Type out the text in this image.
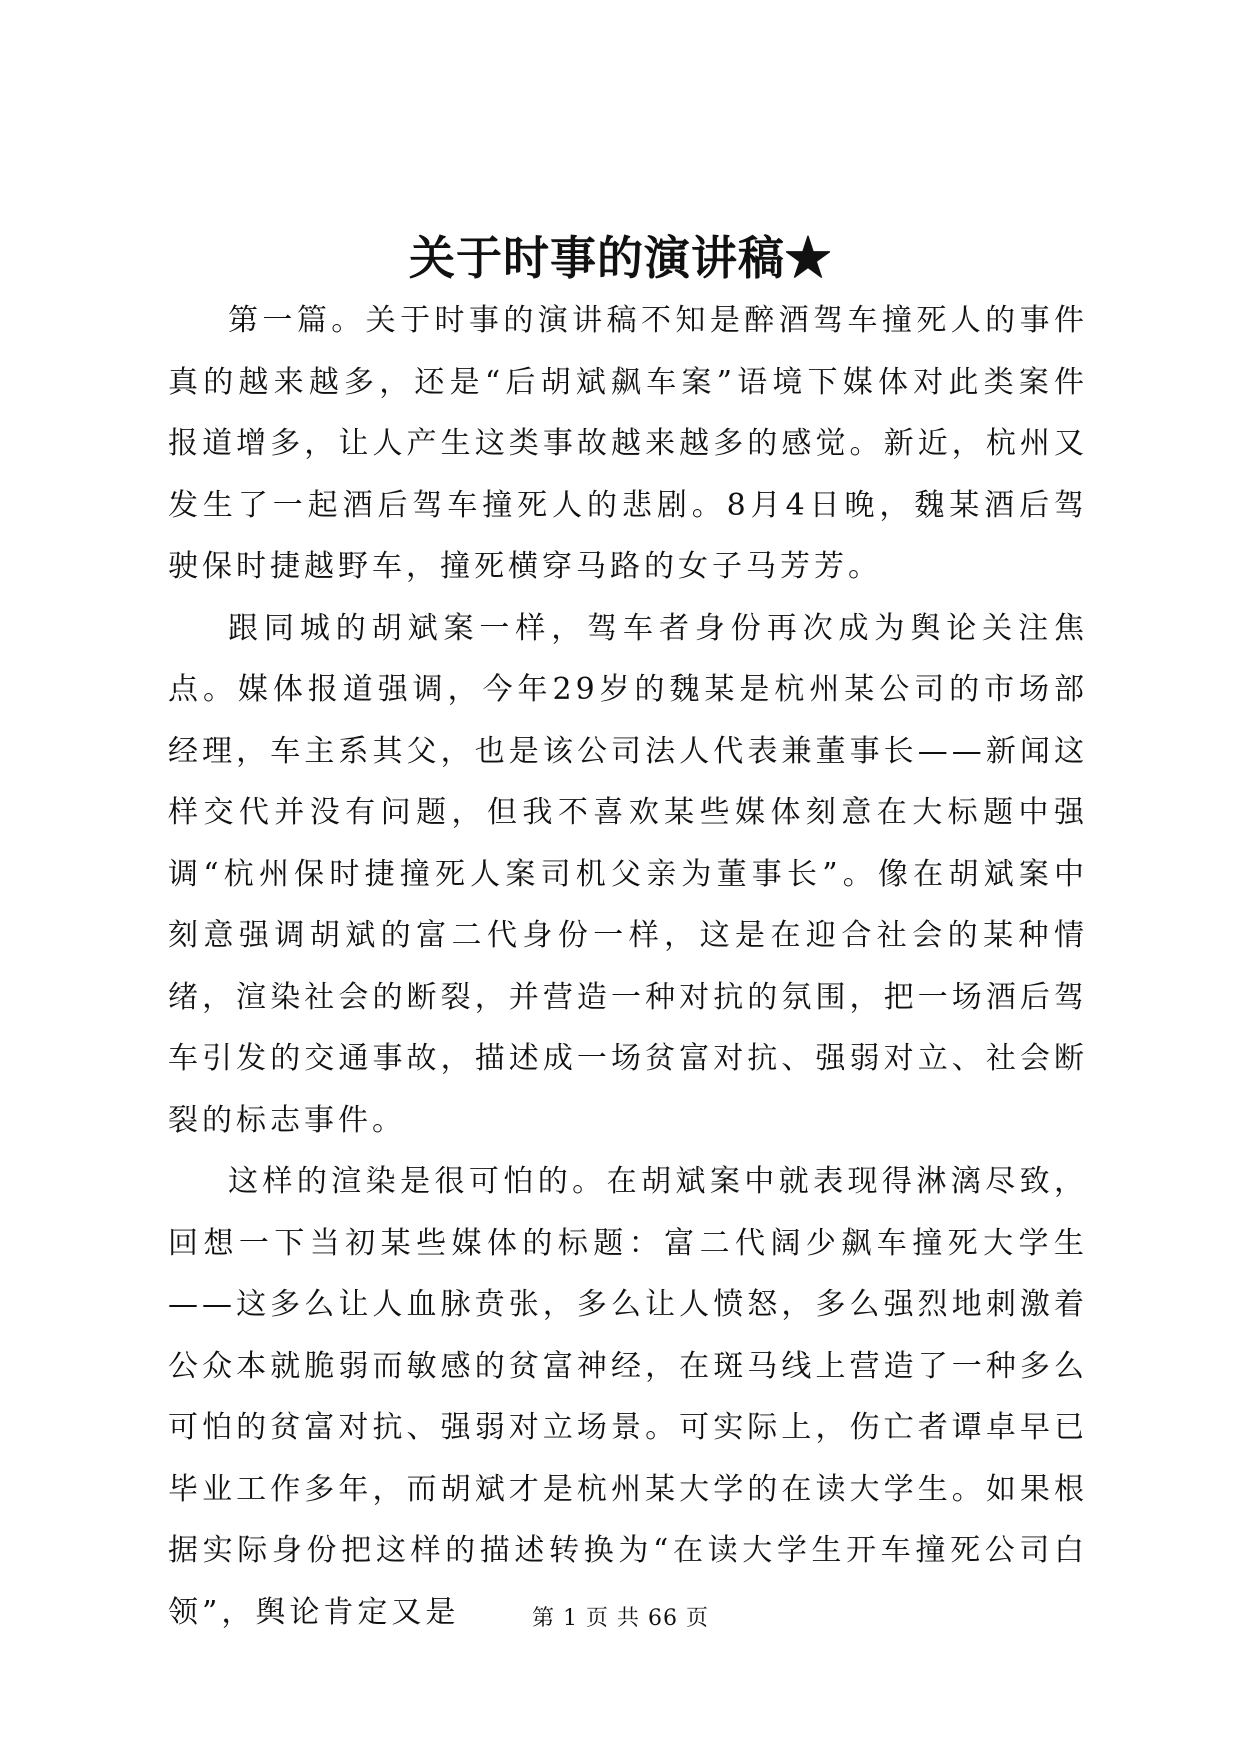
关于时事的演讲稿★

第一篇。关于时事的演讲稿不知是醉酒驾车撞死人的事件真的越来越多，还是“后胡斌飙车案”语境下媒体对此类案件报道增多，让人产生这类事故越来越多的感觉。新近，杭州又发生了一起酒后驾车撞死人的悲剧。8月4日晚，魏某酒后驾驶保时捷越野车，撞死横穿马路的女子马芳芳。

跟同城的胡斌案一样，驾车者身份再次成为舆论关注焦点。媒体报道强调，今年29岁的魏某是杭州某公司的市场部经理，车主系其父，也是该公司法人代表兼董事长——新闻这样交代并没有问题，但我不喜欢某些媒体刻意在大标题中强调“杭州保时捷撞死人案司机父亲为董事长”。像在胡斌案中刻意强调胡斌的富二代身份一样，这是在迎合社会的某种情绪，渲染社会的断裂，并营造一种对抗的氛围，把一场酒后驾车引发的交通事故，描述成一场贫富对抗、强弱对立、社会断裂的标志事件。

这样的渲染是很可怕的。在胡斌案中就表现得淋漓尽致，回想一下当初某些媒体的标题：富二代阔少飙车撞死大学生——这多么让人血脉贲张，多么让人愤怒，多么强烈地刺激着公众本就脆弱而敏感的贫富神经，在斑马线上营造了一种多么可怕的贫富对抗、强弱对立场景。可实际上，伤亡者谭卓早已毕业工作多年，而胡斌才是杭州某大学的在读大学生。如果根据实际身份把这样的描述转换为“在读大学生开车撞死公司白领”，舆论肯定又是	第 1 页 共 66 页
